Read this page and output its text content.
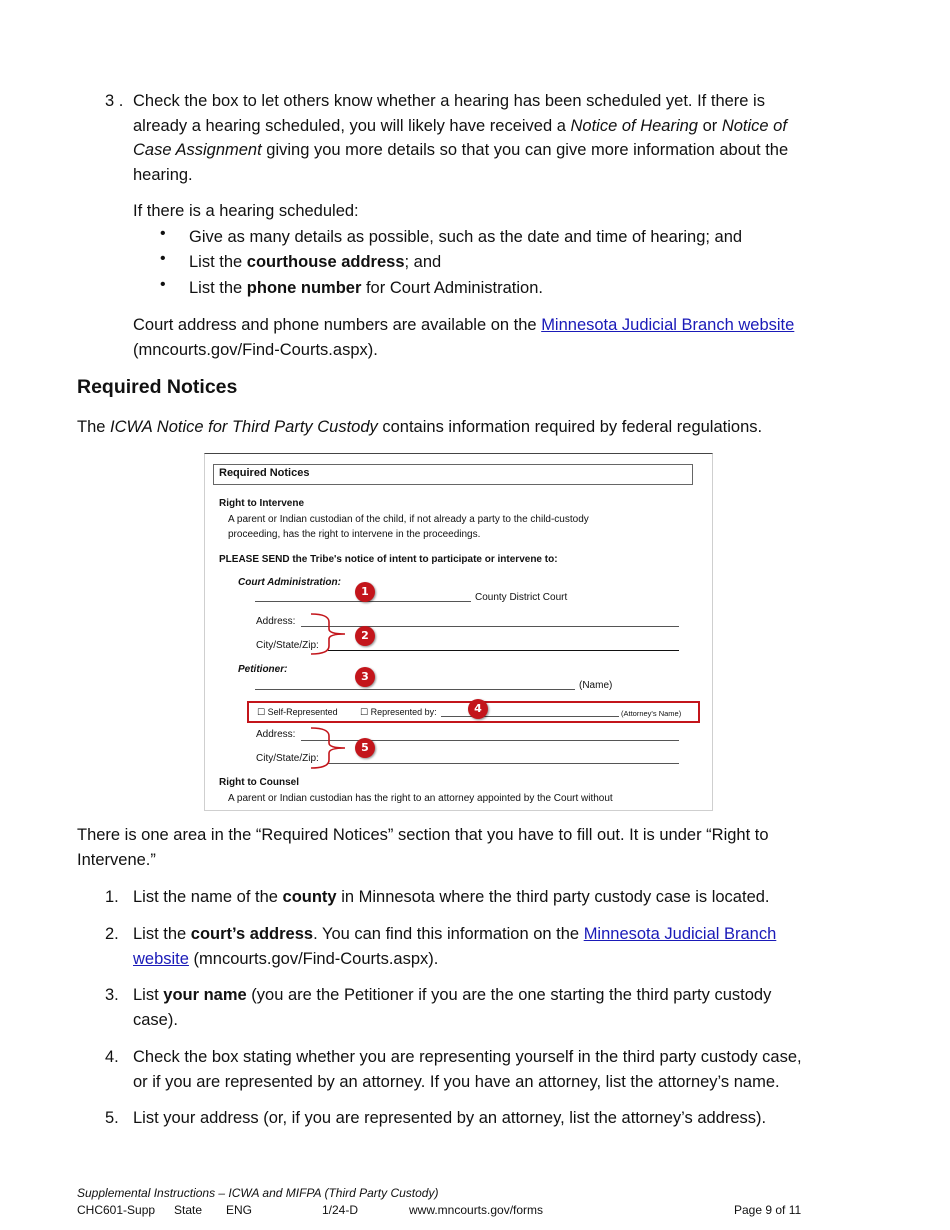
3 . Check the box to let others know whether a hearing has been scheduled yet. If there is
already a hearing scheduled, you will likely have received a Notice of Hearing or Notice of
Case Assignment giving you more details so that you can give more information about the
hearing.
If there is a hearing scheduled:
• Give as many details as possible, such as the date and time of hearing; and
• List the courthouse address; and
• List the phone number for Court Administration.
Court address and phone numbers are available on the Minnesota Judicial Branch website
(mncourts.gov/Find-Courts.aspx).
Required Notices
The ICWA Notice for Third Party Custody contains information required by federal regulations.
Required Notices
Right to Intervene
A parent or Indian custodian of the child, if not already a party to the child-custody
proceeding, has the right to intervene in the proceedings.
PLEASE SEND the Tribe's notice of intent to participate or intervene to:
Court Administration:
County District Court
Address:
City/State/Zip:
Petitioner:
(Name)
☐ Self-Represented ☐ Represented by:	(Attorney's Name)
Address:
City/State/Zip:
Right to Counsel
A parent or Indian custodian has the right to an attorney appointed by the Court without
1
2
3
4
5
There is one area in the “Required Notices” section that you have to fill out. It is under “Right to
Intervene.”
1. List the name of the county in Minnesota where the third party custody case is located.
2. List the court’s address. You can find this information on the Minnesota Judicial Branch
website (mncourts.gov/Find-Courts.aspx).
3. List your name (you are the Petitioner if you are the one starting the third party custody
case).
4. Check the box stating whether you are representing yourself in the third party custody case,
or if you are represented by an attorney. If you have an attorney, list the attorney’s name.
5. List your address (or, if you are represented by an attorney, list the attorney’s address).
Supplemental Instructions – ICWA and MIFPA (Third Party Custody)
CHC601-Supp State ENG	1/24-D	www.mncourts.gov/forms	Page 9 of 11
